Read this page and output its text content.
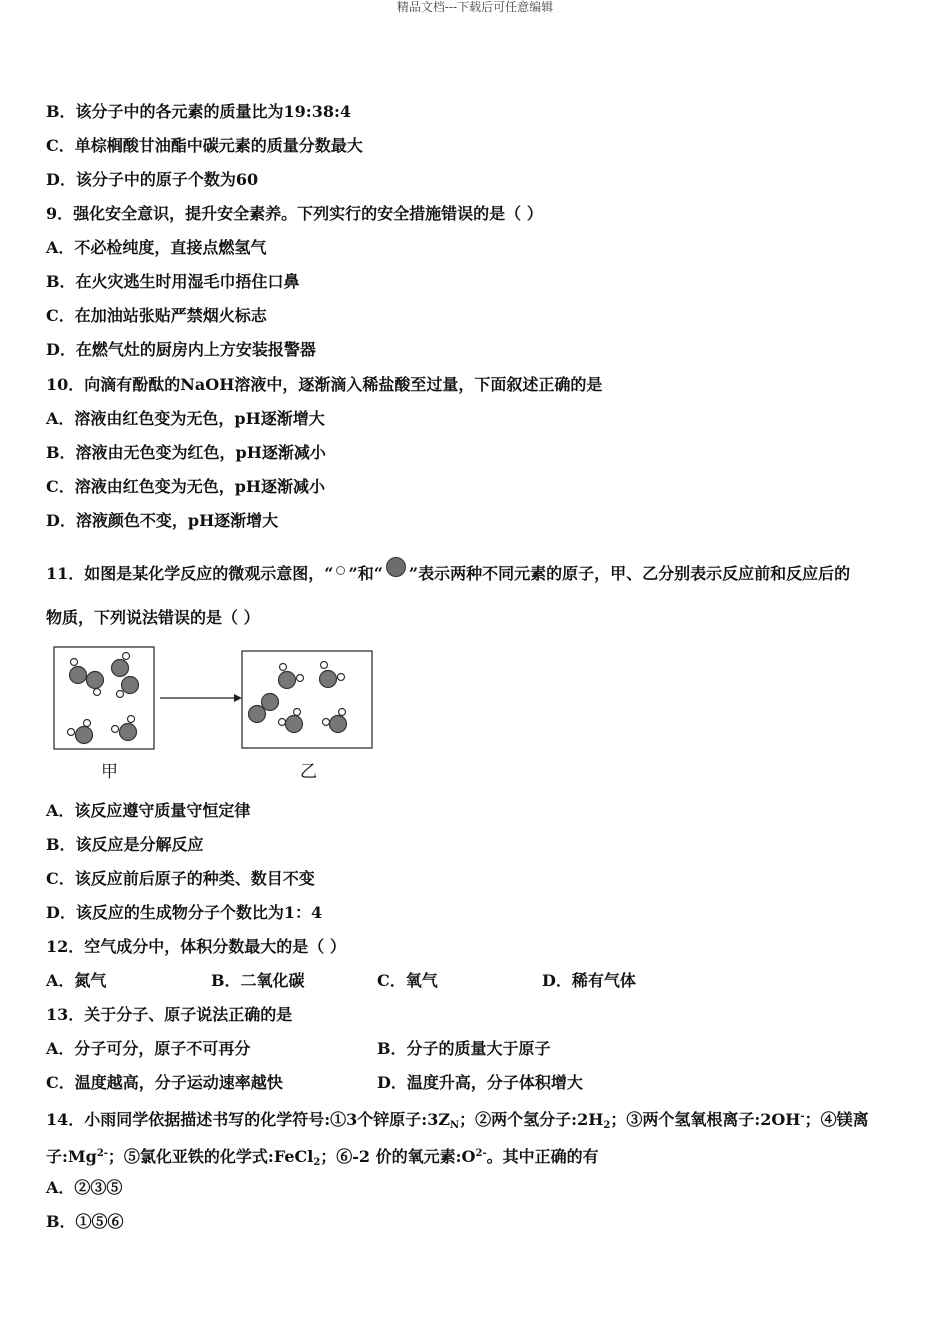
精品文档---下载后可任意编辑
B．该分子中的各元素的质量比为19:38:4
C．单棕榈酸甘油酯中碳元素的质量分数最大
D．该分子中的原子个数为60
9．强化安全意识，提升安全素养。下列实行的安全措施错误的是（ ）
A．不必检纯度，直接点燃氢气
B．在火灾逃生时用湿毛巾捂住口鼻
C．在加油站张贴严禁烟火标志
D．在燃气灶的厨房内上方安装报警器
10．向滴有酚酞的NaOH溶液中，逐渐滴入稀盐酸至过量，下面叙述正确的是
A．溶液由红色变为无色，pH逐渐增大
B．溶液由无色变为红色，pH逐渐减小
C．溶液由红色变为无色，pH逐渐减小
D．溶液颜色不变，pH逐渐增大
11．如图是某化学反应的微观示意图，“ ”和“ ”表示两种不同元素的原子，甲、乙分别表示反应前和反应后的
物质，下列说法错误的是（ ）
甲	乙
A．该反应遵守质量守恒定律
B．该反应是分解反应
C．该反应前后原子的种类、数目不变
D．该反应的生成物分子个数比为1：4
12．空气成分中，体积分数最大的是（ ）
A．氮气	B．二氧化碳	C．氧气	D．稀有气体
13．关于分子、原子说法正确的是
A．分子可分，原子不可再分	B．分子的质量大于原子
C．温度越高，分子运动速率越快	D．温度升高，分子体积增大
14．小雨同学依据描述书写的化学符号:①3个锌原子$:3Z_N$；②两个氢分子$:2H_2$；③两个氢氧根离子:2OH-；④镁离
子$:Mg^{2-}$；⑤氯化亚铁的化学式:FeCl$_2$；⑥-2 价的氧元素$:O^{2-}$。其中正确的有
A．②③⑤
B．①⑤⑥
